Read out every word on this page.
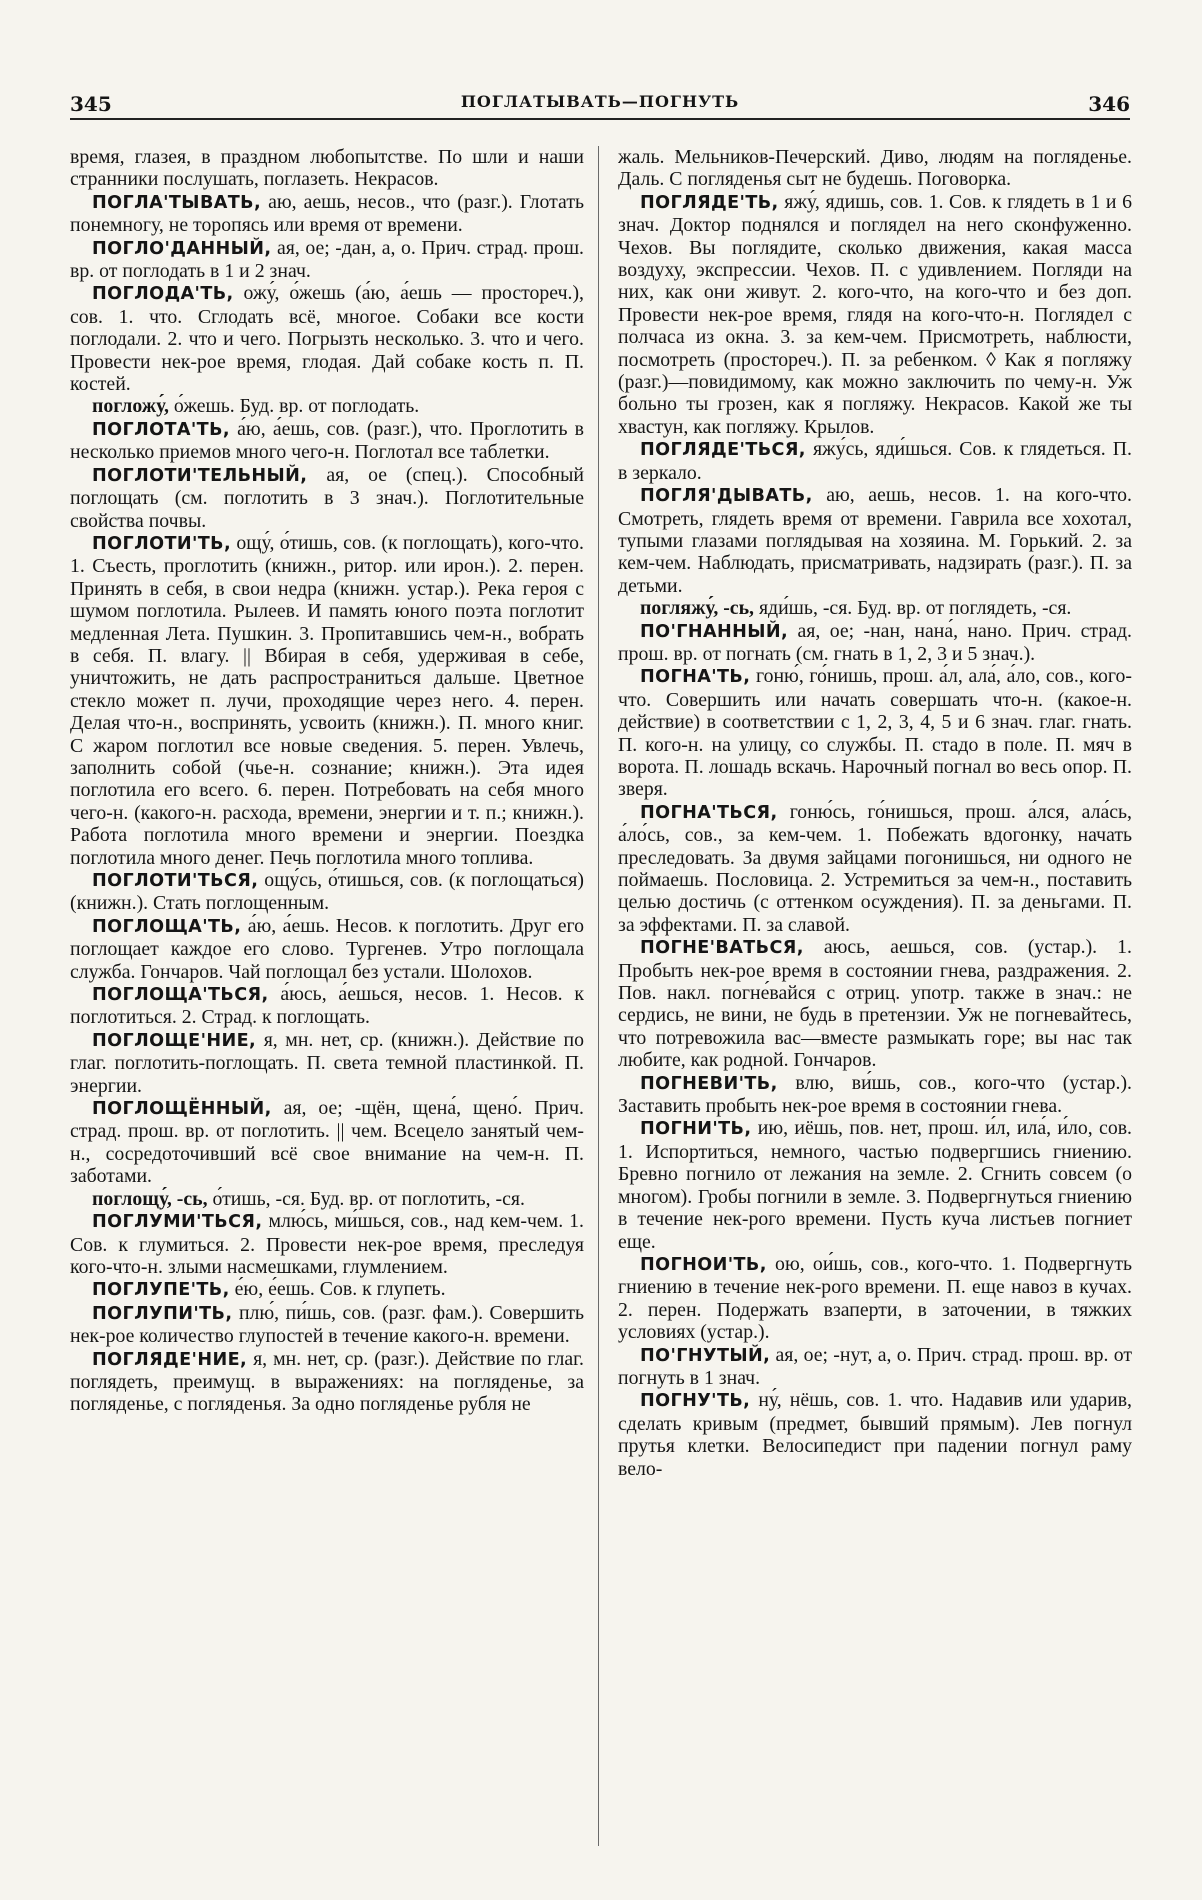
345	ПОГЛАТЫВАТЬ—ПОГНУТЬ	346

время, глазея, в праздном любопытстве. По шли и наши странники послушать, поглазеть. Некрасов.

ПОГЛА'ТЫВАТЬ, аю, аешь, несов., что (разг.). Глотать понемногу, не торопясь или время от времени.

ПОГЛО'ДАННЫЙ, ая, ое; -дан, а, о. Прич. страд. прош. вр. от поглодать в 1 и 2 знач.

ПОГЛОДА'ТЬ, ожу́, о́жешь (а́ю, а́ешь — простореч.), сов. 1. что. Сглодать всё, многое. Собаки все кости поглодали. 2. что и чего. Погрызть несколько. 3. что и чего. Провести нек-рое время, глодая. Дай собаке кость п. П. костей.

погложу́, о́жешь. Буд. вр. от поглодать.

ПОГЛОТА'ТЬ, а́ю, а́ешь, сов. (разг.), что. Проглотить в несколько приемов много чего-н. Поглотал все таблетки.

ПОГЛОТИ'ТЕЛЬНЫЙ, ая, ое (спец.). Способный поглощать (см. поглотить в 3 знач.). Поглотительные свойства почвы.

ПОГЛОТИ'ТЬ, ощу́, о́тишь, сов. (к поглощать), кого-что. 1. Съесть, проглотить (книжн., ритор. или ирон.). 2. перен. Принять в себя, в свои недра (книжн. устар.). Река героя с шумом поглотила. Рылеев. И память юного поэта поглотит медленная Лета. Пушкин. 3. Пропитавшись чем-н., вобрать в себя. П. влагу. || Вбирая в себя, удерживая в себе, уничтожить, не дать распространиться дальше. Цветное стекло может п. лучи, проходящие через него. 4. перен. Делая что-н., воспринять, усвоить (книжн.). П. много книг. С жаром поглотил все новые сведения. 5. перен. Увлечь, заполнить собой (чье-н. сознание; книжн.). Эта идея поглотила его всего. 6. перен. Потребовать на себя много чего-н. (какого-н. расхода, времени, энергии и т. п.; книжн.). Работа поглотила много времени и энергии. Поездка поглотила много денег. Печь поглотила много топлива.

ПОГЛОТИ'ТЬСЯ, ощу́сь, о́тишься, сов. (к поглощаться) (книжн.). Стать поглощенным.

ПОГЛОЩА'ТЬ, а́ю, а́ешь. Несов. к поглотить. Друг его поглощает каждое его слово. Тургенев. Утро поглощала служба. Гончаров. Чай поглощал без устали. Шолохов.

ПОГЛОЩА'ТЬСЯ, а́юсь, а́ешься, несов. 1. Несов. к поглотиться. 2. Страд. к поглощать.

ПОГЛОЩЕ'НИЕ, я, мн. нет, ср. (книжн.). Действие по глаг. поглотить-поглощать. П. света темной пластинкой. П. энергии.

ПОГЛОЩЁННЫЙ, ая, ое; -щён, щена́, щено́. Прич. страд. прош. вр. от поглотить. || чем. Всецело занятый чем-н., сосредоточивший всё свое внимание на чем-н. П. заботами.

поглощу́, -сь, о́тишь, -ся. Буд. вр. от поглотить, -ся.

ПОГЛУМИ'ТЬСЯ, млю́сь, ми́шься, сов., над кем-чем. 1. Сов. к глумиться. 2. Провести нек-рое время, преследуя кого-что-н. злыми насмешками, глумлением.

ПОГЛУПЕ'ТЬ, е́ю, е́ешь. Сов. к глупеть.

ПОГЛУПИ'ТЬ, плю́, пи́шь, сов. (разг. фам.). Совершить нек-рое количество глупостей в течение какого-н. времени.

ПОГЛЯДЕ'НИЕ, я, мн. нет, ср. (разг.). Действие по глаг. поглядеть, преимущ. в выражениях: на погляденье, за погляденье, с погляденья. За одно погляденье рубля не

жаль. Мельников-Печерский. Диво, людям на погляденье. Даль. С погляденья сыт не будешь. Поговорка.

ПОГЛЯДЕ'ТЬ, яжу́, ядишь, сов. 1. Сов. к глядеть в 1 и 6 знач. Доктор поднялся и поглядел на него сконфуженно. Чехов. Вы поглядите, сколько движения, какая масса воздуху, экспрессии. Чехов. П. с удивлением. Погляди на них, как они живут. 2. кого-что, на кого-что и без доп. Провести нек-рое время, глядя на кого-что-н. Поглядел с полчаса из окна. 3. за кем-чем. Присмотреть, наблюсти, посмотреть (простореч.). П. за ребенком. ◊ Как я погляжу (разг.)—повидимому, как можно заключить по чему-н. Уж больно ты грозен, как я погляжу. Некрасов. Какой же ты хвастун, как погляжу. Крылов.

ПОГЛЯДЕ'ТЬСЯ, яжу́сь, яди́шься. Сов. к глядеться. П. в зеркало.

ПОГЛЯ'ДЫВАТЬ, аю, аешь, несов. 1. на кого-что. Смотреть, глядеть время от времени. Гаврила все хохотал, тупыми глазами поглядывая на хозяина. М. Горький. 2. за кем-чем. Наблюдать, присматривать, надзирать (разг.). П. за детьми.

погляжу́, -сь, яди́шь, -ся. Буд. вр. от поглядеть, -ся.

ПО'ГНАННЫЙ, ая, ое; -нан, нана́, нано. Прич. страд. прош. вр. от погнать (см. гнать в 1, 2, 3 и 5 знач.).

ПОГНА'ТЬ, гоню́, го́нишь, прош. а́л, ала́, а́ло, сов., кого-что. Совершить или начать совершать что-н. (какое-н. действие) в соответствии с 1, 2, 3, 4, 5 и 6 знач. глаг. гнать. П. кого-н. на улицу, со службы. П. стадо в поле. П. мяч в ворота. П. лошадь вскачь. Нарочный погнал во весь опор. П. зверя.

ПОГНА'ТЬСЯ, гоню́сь, го́нишься, прош. а́лся, ала́сь, а́ло́сь, сов., за кем-чем. 1. Побежать вдогонку, начать преследовать. За двумя зайцами погонишься, ни одного не поймаешь. Пословица. 2. Устремиться за чем-н., поставить целью достичь (с оттенком осуждения). П. за деньгами. П. за эффектами. П. за славой.

ПОГНЕ'ВАТЬСЯ, аюсь, аешься, сов. (устар.). 1. Пробыть нек-рое время в состоянии гнева, раздражения. 2. Пов. накл. погне́вайся с отриц. употр. также в знач.: не сердись, не вини, не будь в претензии. Уж не погневайтесь, что потревожила вас—вместе размыкать горе; вы нас так любите, как родной. Гончаров.

ПОГНЕВИ'ТЬ, влю, ви́шь, сов., кого-что (устар.). Заставить пробыть нек-рое время в состоянии гнева.

ПОГНИ'ТЬ, ию, иёшь, пов. нет, прош. и́л, ила́, и́ло, сов. 1. Испортиться, немного, частью подвергшись гниению. Бревно погнило от лежания на земле. 2. Сгнить совсем (о многом). Гробы погнили в земле. 3. Подвергнуться гниению в течение нек-рого времени. Пусть куча листьев погниет еще.

ПОГНОИ'ТЬ, ою, ои́шь, сов., кого-что. 1. Подвергнуть гниению в течение нек-рого времени. П. еще навоз в кучах. 2. перен. Подержать взаперти, в заточении, в тяжких условиях (устар.).

ПО'ГНУТЫЙ, ая, ое; -нут, а, о. Прич. страд. прош. вр. от погнуть в 1 знач.

ПОГНУ'ТЬ, ну́, нёшь, сов. 1. что. Надавив или ударив, сделать кривым (предмет, бывший прямым). Лев погнул прутья клетки. Велосипедист при падении погнул раму вело-
